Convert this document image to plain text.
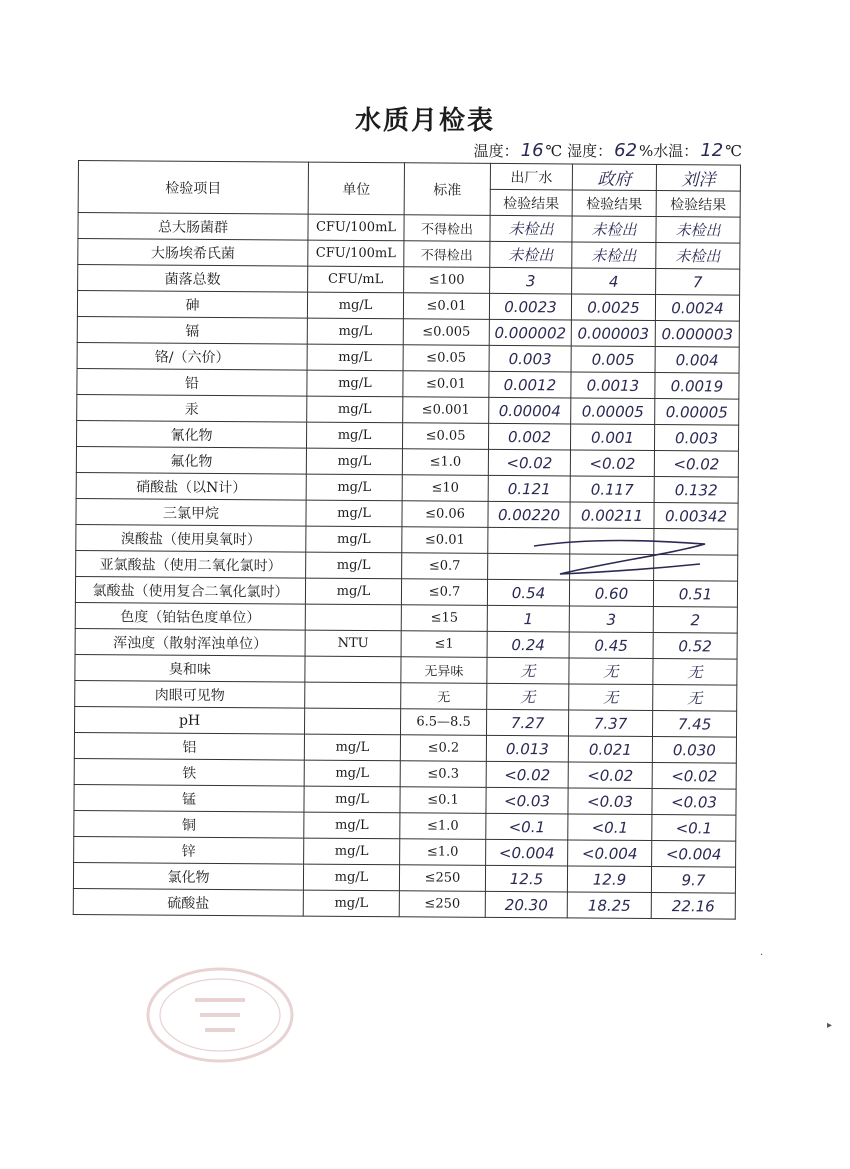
水质月检表
温度： 16 ℃ 湿度： 62 %水温： 12 ℃
检验项目	单位	标准	出厂水	政府	刘洋
			检验结果	检验结果	检验结果
总大肠菌群	CFU/100mL	不得检出	未检出	未检出	未检出
大肠埃希氏菌	CFU/100mL	不得检出	未检出	未检出	未检出
菌落总数	CFU/mL	≤100	3	4	7
砷	mg/L	≤0.01	0.0023	0.0025	0.0024
镉	mg/L	≤0.005	0.000002	0.000003	0.000003
铬/（六价）	mg/L	≤0.05	0.003	0.005	0.004
铅	mg/L	≤0.01	0.0012	0.0013	0.0019
汞	mg/L	≤0.001	0.00004	0.00005	0.00005
氰化物	mg/L	≤0.05	0.002	0.001	0.003
氟化物	mg/L	≤1.0	<0.02	<0.02	<0.02
硝酸盐（以N计）	mg/L	≤10	0.121	0.117	0.132
三氯甲烷	mg/L	≤0.06	0.00220	0.00211	0.00342
溴酸盐（使用臭氧时）	mg/L	≤0.01			
亚氯酸盐（使用二氧化氯时）	mg/L	≤0.7			
氯酸盐（使用复合二氧化氯时）	mg/L	≤0.7	0.54	0.60	0.51
色度（铂钴色度单位）		≤15	1	3	2
浑浊度（散射浑浊单位）	NTU	≤1	0.24	0.45	0.52
臭和味		无异味	无	无	无
肉眼可见物		无	无	无	无
pH		6.5—8.5	7.27	7.37	7.45
铝	mg/L	≤0.2	0.013	0.021	0.030
铁	mg/L	≤0.3	<0.02	<0.02	<0.02
锰	mg/L	≤0.1	<0.03	<0.03	<0.03
铜	mg/L	≤1.0	<0.1	<0.1	<0.1
锌	mg/L	≤1.0	<0.004	<0.004	<0.004
氯化物	mg/L	≤250	12.5	12.9	9.7
硫酸盐	mg/L	≤250	20.30	18.25	22.16
▸
·
